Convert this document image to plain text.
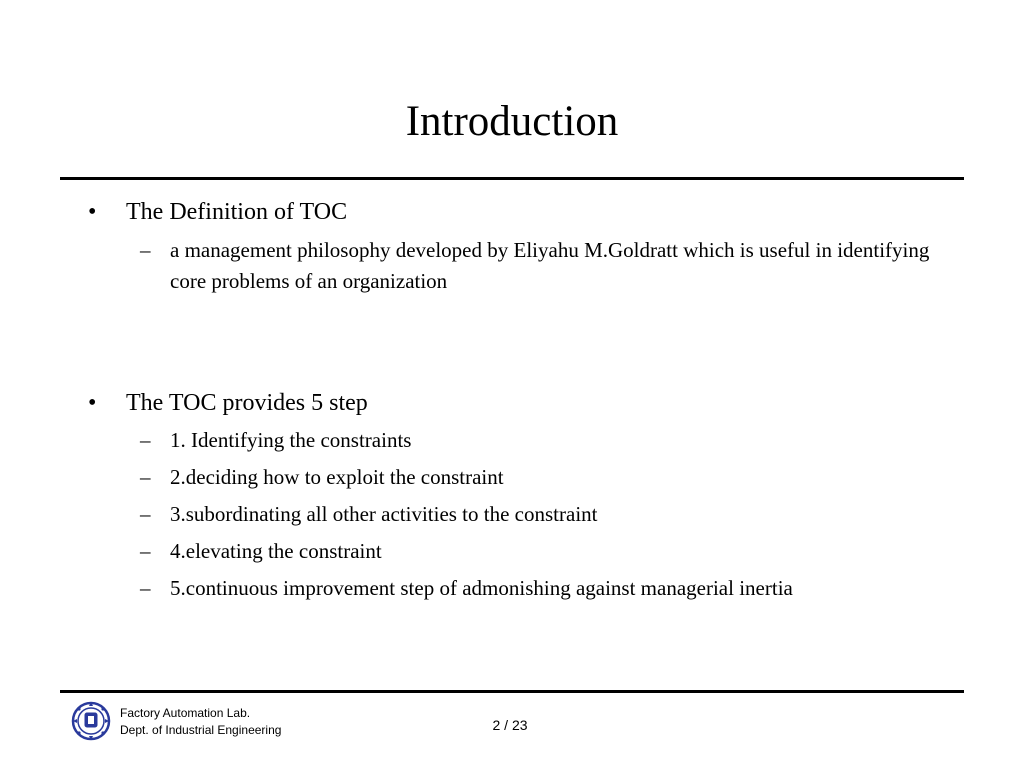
Introduction
•	The Definition of TOC
– a management philosophy developed by Eliyahu M.Goldratt which is useful in identifying core problems of an organization
•	The TOC provides 5 step
– 1. Identifying the constraints
– 2.deciding how to exploit the constraint
– 3.subordinating all other activities to the constraint
– 4.elevating the constraint
– 5.continuous improvement step of admonishing against managerial inertia
Factory Automation Lab.
Dept. of Industrial Engineering	2 / 23
